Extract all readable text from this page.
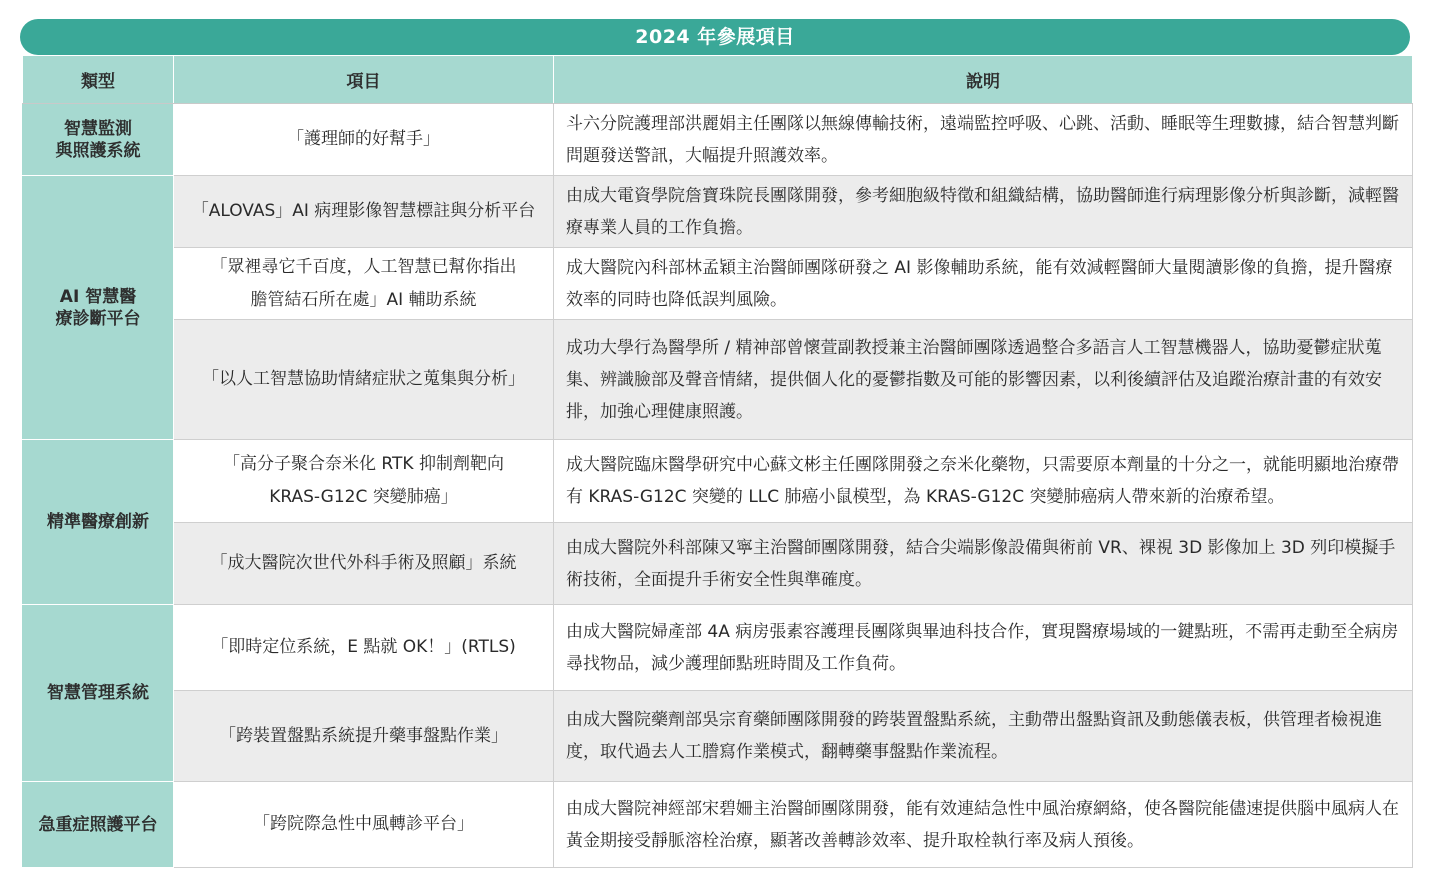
2024 年參展項目
類型	項目	說明

智慧監測
與照護系統	「護理師的好幫手」	斗六分院護理部洪麗娟主任團隊以無線傳輸技術，遠端監控呼吸、心跳、活動、睡眠等生理數據，結合智慧判斷問題發送警訊，大幅提升照護效率。

AI 智慧醫
療診斷平台	「ALOVAS」AI 病理影像智慧標註與分析平台	由成大電資學院詹寶珠院長團隊開發，參考細胞級特徵和組織結構，協助醫師進行病理影像分析與診斷，減輕醫療專業人員的工作負擔。

	「眾裡尋它千百度，人工智慧已幫你指出
膽管結石所在處」AI 輔助系統	成大醫院內科部林孟穎主治醫師團隊研發之 AI 影像輔助系統，能有效減輕醫師大量閱讀影像的負擔，提升醫療效率的同時也降低誤判風險。
	「以人工智慧協助情緒症狀之蒐集與分析」	成功大學行為醫學所 / 精神部曾懷萱副教授兼主治醫師團隊透過整合多語言人工智慧機器人，協助憂鬱症狀蒐集、辨識臉部及聲音情緒，提供個人化的憂鬱指數及可能的影響因素，以利後續評估及追蹤治療計畫的有效安排，加強心理健康照護。

精準醫療創新	「高分子聚合奈米化 RTK 抑制劑靶向
KRAS-G12C 突變肺癌」	成大醫院臨床醫學研究中心蘇文彬主任團隊開發之奈米化藥物，只需要原本劑量的十分之一，就能明顯地治療帶有 KRAS-G12C 突變的 LLC 肺癌小鼠模型，為 KRAS-G12C 突變肺癌病人帶來新的治療希望。
	「成大醫院次世代外科手術及照顧」系統	由成大醫院外科部陳又寧主治醫師團隊開發，結合尖端影像設備與術前 VR、裸視 3D 影像加上 3D 列印模擬手術技術，全面提升手術安全性與準確度。

智慧管理系統	「即時定位系統，E 點就 OK！」(RTLS)	由成大醫院婦產部 4A 病房張素容護理長團隊與畢迪科技合作，實現醫療場域的一鍵點班，不需再走動至全病房尋找物品，減少護理師點班時間及工作負荷。
	「跨裝置盤點系統提升藥事盤點作業」	由成大醫院藥劑部吳宗育藥師團隊開發的跨裝置盤點系統，主動帶出盤點資訊及動態儀表板，供管理者檢視進度，取代過去人工謄寫作業模式，翻轉藥事盤點作業流程。

急重症照護平台	「跨院際急性中風轉診平台」	由成大醫院神經部宋碧姍主治醫師團隊開發，能有效連結急性中風治療網絡，使各醫院能儘速提供腦中風病人在黃金期接受靜脈溶栓治療，顯著改善轉診效率、提升取栓執行率及病人預後。
